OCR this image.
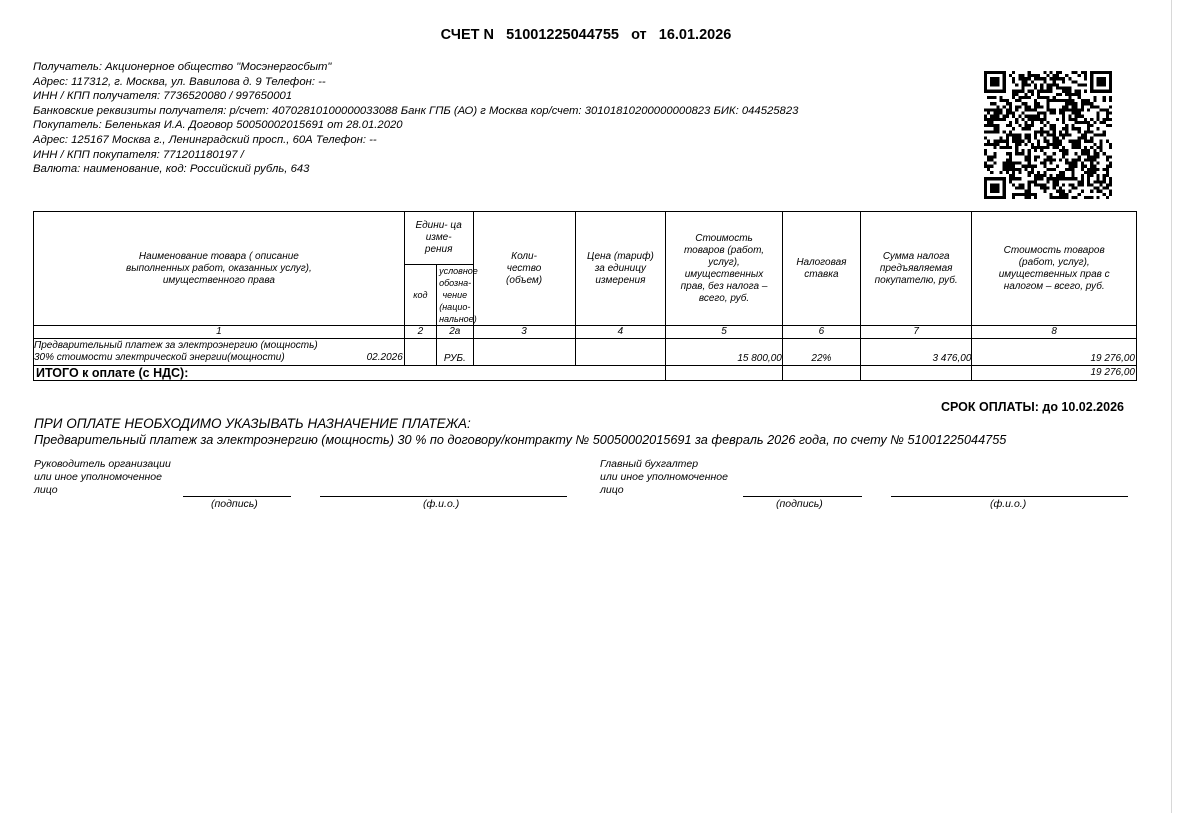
СЧЕТ N 51001225044755 от 16.01.2026
Получатель: Акционерное общество "Мосэнергосбыт"
Адрес: 117312, г. Москва, ул. Вавилова д. 9 Телефон: --
ИНН / КПП получателя: 7736520080 / 997650001
Банковские реквизиты получателя: р/счет: 40702810100000033088 Банк ГПБ (АО) г Москва кор/счет: 30101810200000000823 БИК: 044525823
Покупатель: Беленькая И.А. Договор 50050002015691 от 28.01.2020
Адрес: 125167 Москва г., Ленинградский просп., 60А Телефон: --
ИНН / КПП покупателя: 771201180197 /
Валюта: наименование, код: Российский рубль, 643
Наименование товара ( описание выполненных работ, оказанных услуг), имущественного права	Едини- ца изме- рения		Коли- чество (объем)	Цена (тариф) за единицу измерения	Стоимость товаров (работ, услуг), имущественных прав, без налога – всего, руб.	Налоговая ставка	Сумма налога предъявляемая покупателю, руб.	Стоимость товаров (работ, услуг), имущественных прав с налогом – всего, руб.
	код	условное обозна- чение (нацио- нальное)						
1	2	2а	3	4	5	6	7	8

Предварительный платеж за электроэнергию (мощность)
30% стоимости электрической энергии(мощности) 02.2026		РУБ.			15 800,00	22%	3 476,00	19 276,00
ИТОГО к оплате (с НДС):								19 276,00
СРОК ОПЛАТЫ: до 10.02.2026
ПРИ ОПЛАТЕ НЕОБХОДИМО УКАЗЫВАТЬ НАЗНАЧЕНИЕ ПЛАТЕЖА:
Предварительный платеж за электроэнергию (мощность) 30 % по договору/контракту № 50050002015691 за февраль 2026 года, по счету № 51001225044755
Руководитель организации
или иное уполномоченное
лицо
(подпись)	(ф.и.о.)
Главный бухгалтер
или иное уполномоченное
лицо
(подпись)	(ф.и.о.)
